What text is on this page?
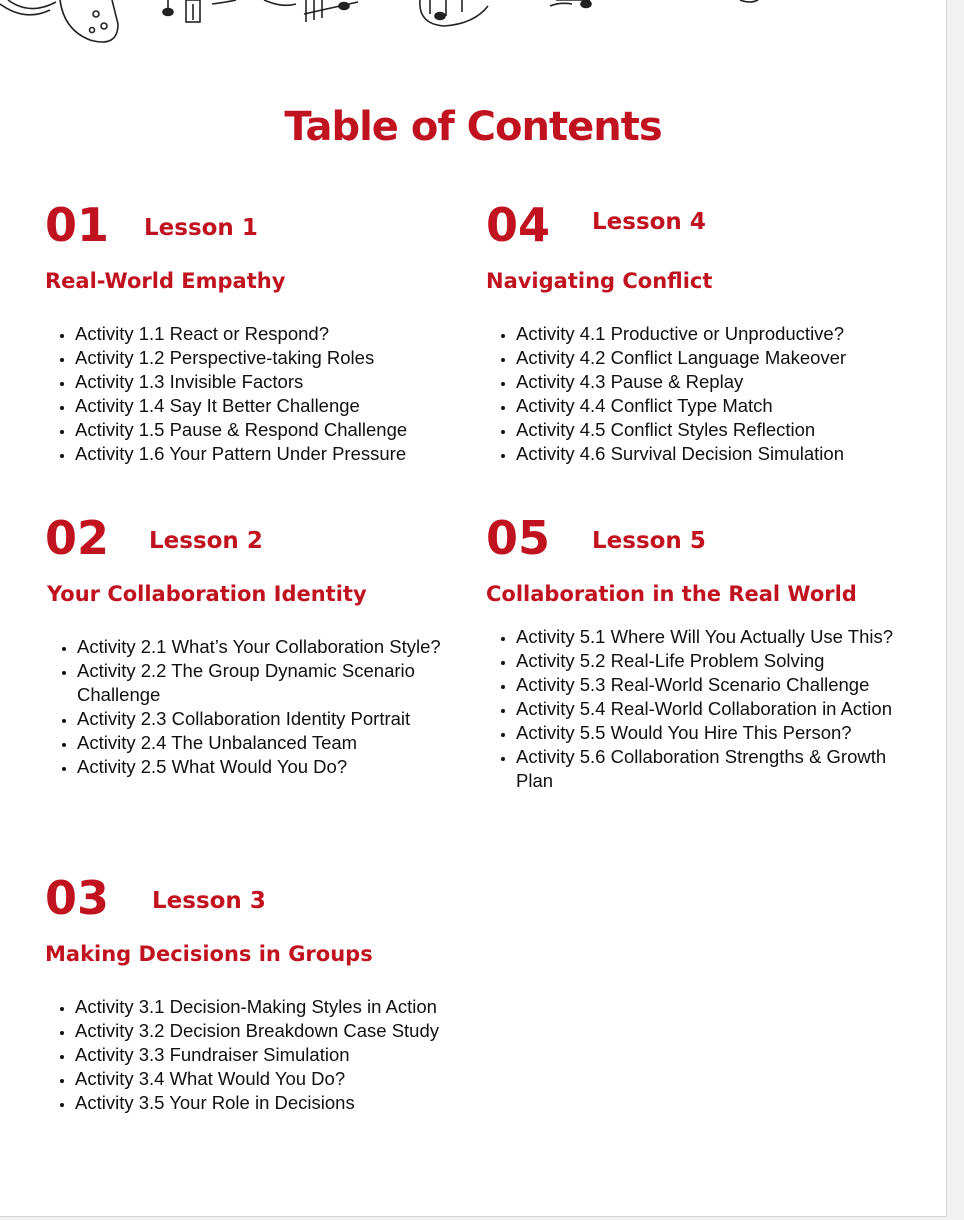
Table of Contents
01 Lesson 1
Real-World Empathy
• Activity 1.1 React or Respond?
• Activity 1.2 Perspective-taking Roles
• Activity 1.3 Invisible Factors
• Activity 1.4 Say It Better Challenge
• Activity 1.5 Pause & Respond Challenge
• Activity 1.6 Your Pattern Under Pressure
02 Lesson 2
Your Collaboration Identity
• Activity 2.1 What’s Your Collaboration Style?
• Activity 2.2 The Group Dynamic Scenario Challenge
• Activity 2.3 Collaboration Identity Portrait
• Activity 2.4 The Unbalanced Team
• Activity 2.5 What Would You Do?
03 Lesson 3
Making Decisions in Groups
• Activity 3.1 Decision-Making Styles in Action
• Activity 3.2 Decision Breakdown Case Study
• Activity 3.3 Fundraiser Simulation
• Activity 3.4 What Would You Do?
• Activity 3.5 Your Role in Decisions
04 Lesson 4
Navigating Conflict
• Activity 4.1 Productive or Unproductive?
• Activity 4.2 Conflict Language Makeover
• Activity 4.3 Pause & Replay
• Activity 4.4 Conflict Type Match
• Activity 4.5 Conflict Styles Reflection
• Activity 4.6 Survival Decision Simulation
05 Lesson 5
Collaboration in the Real World
• Activity 5.1 Where Will You Actually Use This?
• Activity 5.2 Real-Life Problem Solving
• Activity 5.3 Real-World Scenario Challenge
• Activity 5.4 Real-World Collaboration in Action
• Activity 5.5 Would You Hire This Person?
• Activity 5.6 Collaboration Strengths & Growth Plan
